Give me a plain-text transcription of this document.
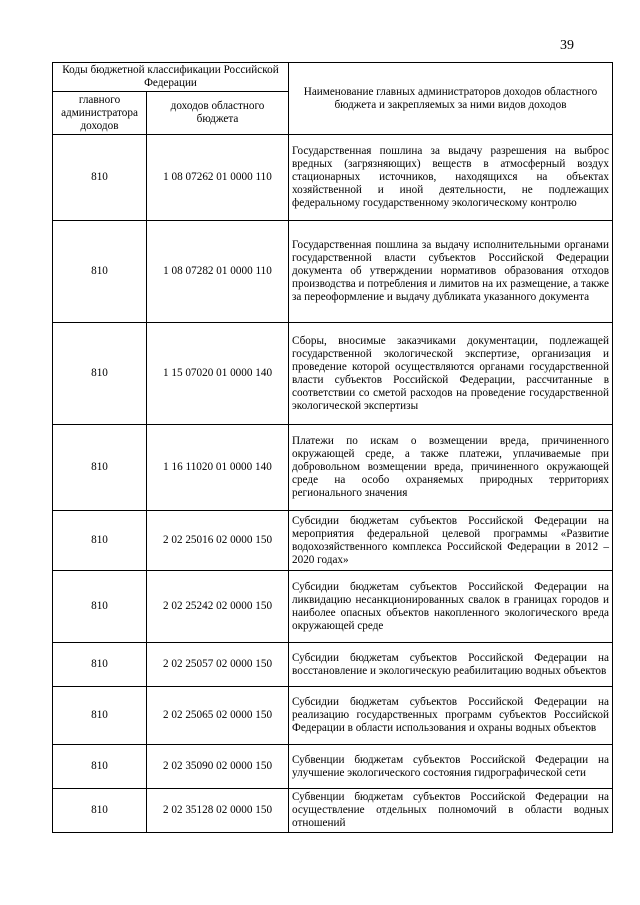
39
Коды бюджетной классификации Российской Федерации		Наименование главных администраторов доходов областного бюджета и закрепляемых за ними видов доходов
главного администратора доходов	доходов областного бюджета	
810	1 08 07262 01 0000 110	Государственная пошлина за выдачу разрешения на выброс вредных (загрязняющих) веществ в атмосферный воздух стационарных источников, находящихся на объектах хозяйственной и иной деятельности, не подлежащих федеральному государственному экологическому контролю
810	1 08 07282 01 0000 110	Государственная пошлина за выдачу исполнительными органами государственной власти субъектов Российской Федерации документа об утверждении нормативов образования отходов производства и потребления и лимитов на их размещение, а также за переоформление и выдачу дубликата указанного документа
810	1 15 07020 01 0000 140	Сборы, вносимые заказчиками документации, подлежащей государственной экологической экспертизе, организация и проведение которой осуществляются органами государственной власти субъектов Российской Федерации, рассчитанные в соответствии со сметой расходов на проведение государственной экологической экспертизы
810	1 16 11020 01 0000 140	Платежи по искам о возмещении вреда, причиненного окружающей среде, а также платежи, уплачиваемые при добровольном возмещении вреда, причиненного окружающей среде на особо охраняемых природных территориях регионального значения
810	2 02 25016 02 0000 150	Субсидии бюджетам субъектов Российской Федерации на мероприятия федеральной целевой программы «Развитие водохозяйственного комплекса Российской Федерации в 2012 – 2020 годах»
810	2 02 25242 02 0000 150	Субсидии бюджетам субъектов Российской Федерации на ликвидацию несанкционированных свалок в границах городов и наиболее опасных объектов накопленного экологического вреда окружающей среде
810	2 02 25057 02 0000 150	Субсидии бюджетам субъектов Российской Федерации на восстановление и экологическую реабилитацию водных объектов
810	2 02 25065 02 0000 150	Субсидии бюджетам субъектов Российской Федерации на реализацию государственных программ субъектов Российской Федерации в области использования и охраны водных объектов
810	2 02 35090 02 0000 150	Субвенции бюджетам субъектов Российской Федерации на улучшение экологического состояния гидрографической сети
810	2 02 35128 02 0000 150	Субвенции бюджетам субъектов Российской Федерации на осуществление отдельных полномочий в области водных отношений
